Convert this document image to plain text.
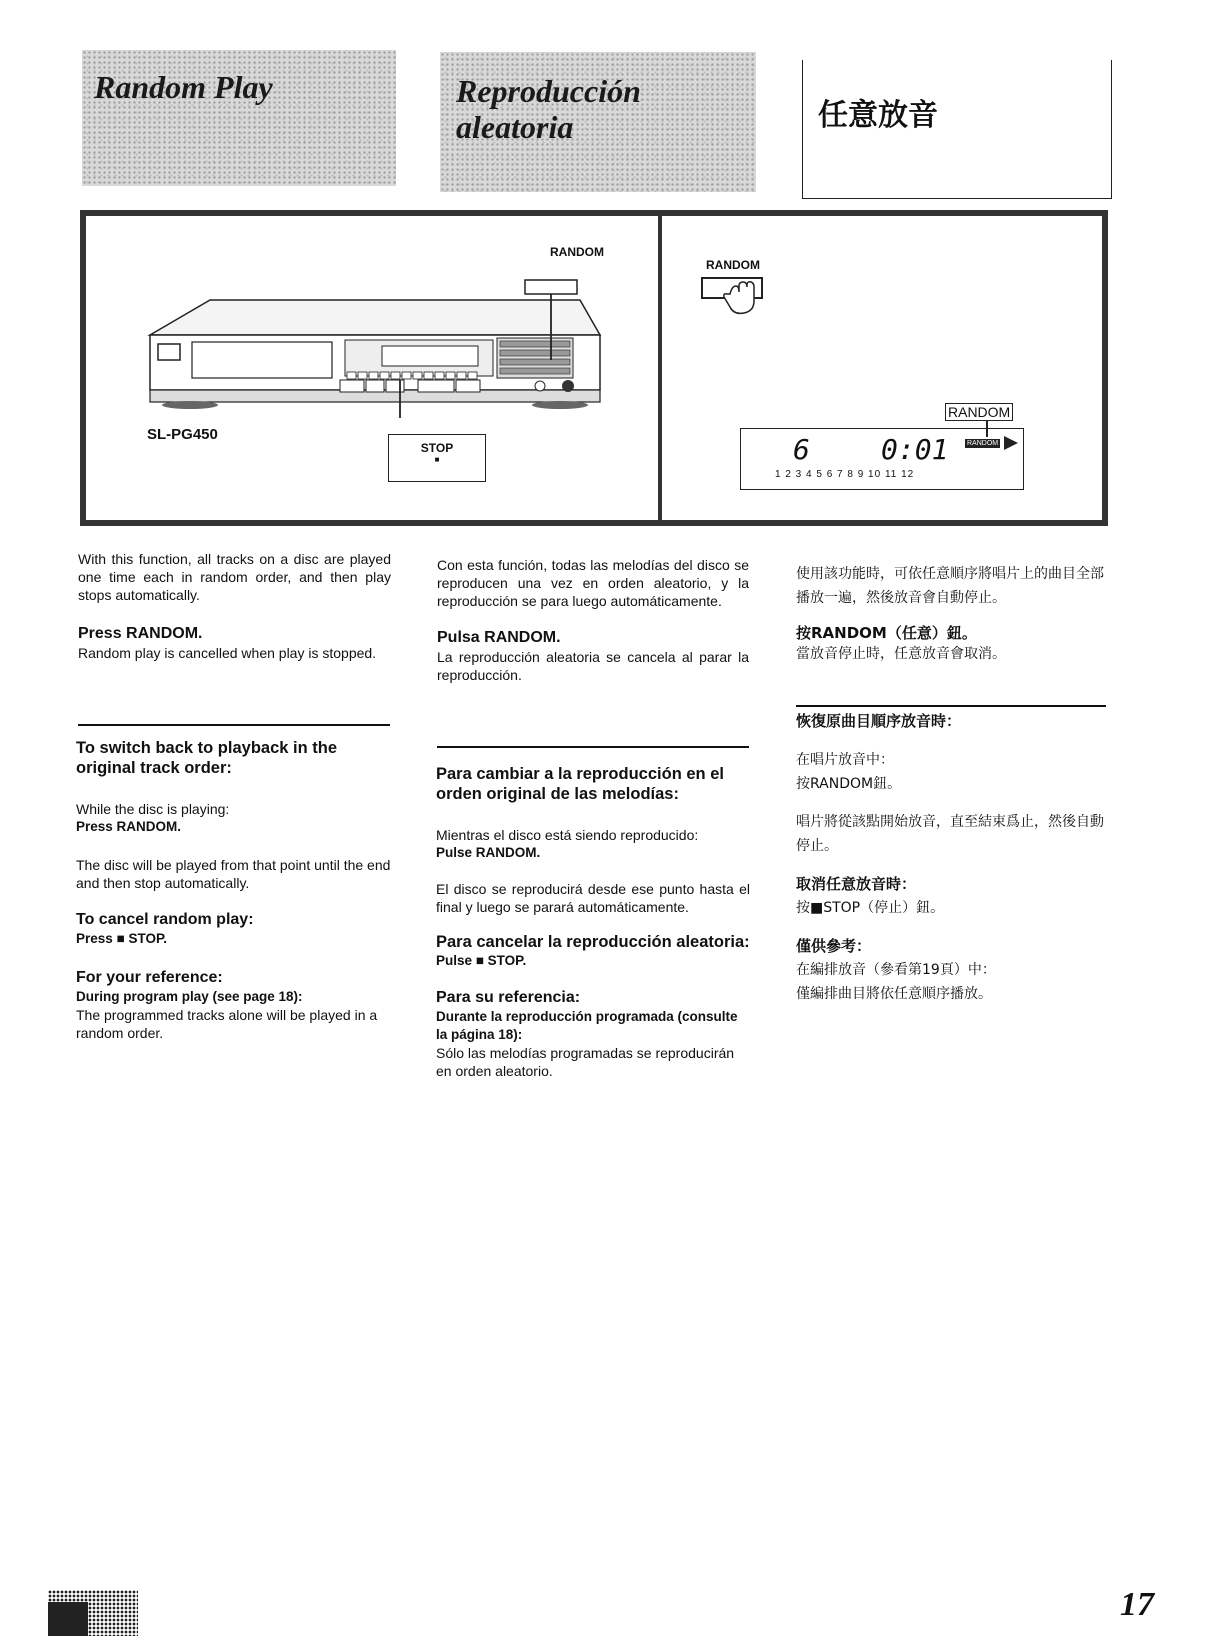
Random Play	Reproducción
aleatoria	任意放音
RANDOM
SL-PG450
STOP
■
RANDOM
RANDOM
6	0:01	RANDOM
1 2 3 4 5 6 7 8 9 10 11 12

With this function, all tracks on a disc are played one time each in random order, and then play stops automatically.

Press RANDOM.

Random play is cancelled when play is stopped.

To switch back to playback in the original track order:

While the disc is playing:

Press RANDOM.

The disc will be played from that point until the end and then stop automatically.

To cancel random play:

Press ■ STOP.

For your reference:

During program play (see page 18):

The programmed tracks alone will be played in a random order.

Con esta función, todas las melodías del disco se reproducen una vez en orden aleatorio, y la reproducción se para luego automáticamente.

Pulsa RANDOM.

La reproducción aleatoria se cancela al parar la reproducción.

Para cambiar a la reproducción en el orden original de las melodías:

Mientras el disco está siendo reproducido:

Pulse RANDOM.

El disco se reproducirá desde ese punto hasta el final y luego se parará automáticamente.

Para cancelar la reproducción aleatoria:

Pulse ■ STOP.

Para su referencia:

Durante la reproducción programada (consulte la página 18):

Sólo las melodías programadas se reproducirán en orden aleatorio.

使用該功能時，可依任意順序將唱片上的曲目全部播放一遍，然後放音會自動停止。

按RANDOM（任意）鈕。

當放音停止時，任意放音會取消。

恢復原曲目順序放音時：

在唱片放音中：

按RANDOM鈕。

唱片將從該點開始放音，直至結束爲止，然後自動停止。

取消任意放音時：

按■STOP（停止）鈕。

僅供參考：

在編排放音（參看第19頁）中：

僅編排曲目將依任意順序播放。

17
